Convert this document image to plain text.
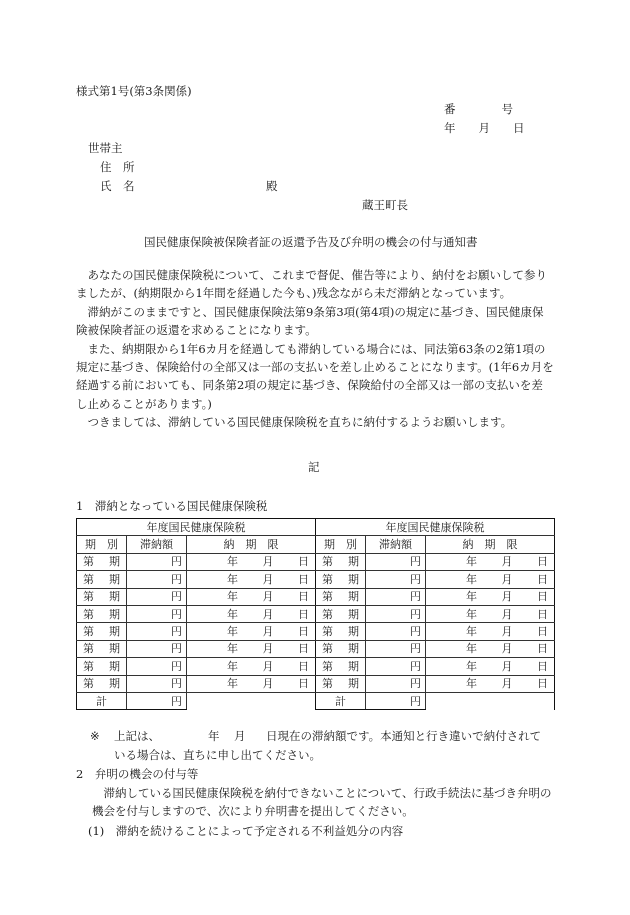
様式第1号(第3条関係)
番　　　　号
年　　月　　日
世帯主
住　所
氏　名	殿
蔵王町長
国民健康保険被保険者証の返還予告及び弁明の機会の付与通知書

あなたの国民健康保険税について、これまで督促、催告等により、納付をお願いして参りましたが、(納期限から1年間を経過した今も、)残念ながら未だ滞納となっています。

滞納がこのままですと、国民健康保険法第9条第3項(第4項)の規定に基づき、国民健康保険被保険者証の返還を求めることになります。

また、納期限から1年6カ月を経過しても滞納している場合には、同法第63条の2第1項の規定に基づき、保険給付の全部又は一部の支払いを差し止めることになります。(1年6カ月を経過する前においても、同条第2項の規定に基づき、保険給付の全部又は一部の支払いを差し止めることがあります。)

つきましては、滞納している国民健康保険税を直ちに納付するようお願いします。

記
1　滞納となっている国民健康保険税
年度国民健康保険税			年度国民健康保険税		
期　別	滞納額	納　期　限	期　別	滞納額	納　期　限

第 期	円	年 月 日	第 期	円	年 月 日

第 期	円	年 月 日	第 期	円	年 月 日

第 期	円	年 月 日	第 期	円	年 月 日

第 期	円	年 月 日	第 期	円	年 月 日

第 期	円	年 月 日	第 期	円	年 月 日

第 期	円	年 月 日	第 期	円	年 月 日

第 期	円	年 月 日	第 期	円	年 月 日

第 期	円	年 月 日	第 期	円	年 月 日

計	円		計	円	
※ 上記は、	年 月 日現在の滞納額です。本通知と行き違いで納付されて
いる場合は、直ちに申し出てください。
2　弁明の機会の付与等

滞納している国民健康保険税を納付できないことについて、行政手続法に基づき弁明の機会を付与しますので、次により弁明書を提出してください。

(1)　滞納を続けることによって予定される不利益処分の内容
